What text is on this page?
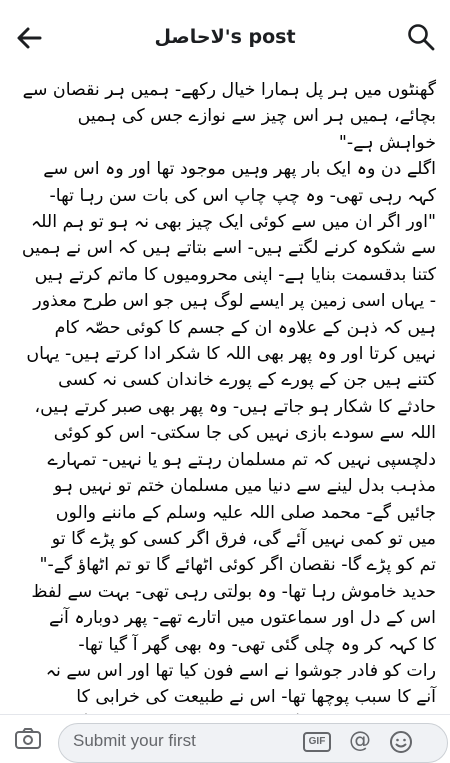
لاحاصل's post
گھنٹوں میں ہر پل ہمارا خیال رکھے- ہمیں ہر نقصان سے
بچائے، ہمیں ہر اس چیز سے نوازے جس کی ہمیں
خواہش ہے-"
اگلے دن وہ ایک بار پھر وہیں موجود تھا اور وہ اس سے
کہہ رہی تھی- وہ چپ چاپ اس کی بات سن رہا تھا-
"اور اگر ان میں سے کوئی ایک چیز بھی نہ ہو تو ہم اللہ
سے شکوہ کرنے لگتے ہیں- اسے بتاتے ہیں کہ اس نے ہمیں
کتنا بدقسمت بنایا ہے- اپنی محرومیوں کا ماتم کرتے ہیں
- یہاں اسی زمین پر ایسے لوگ ہیں جو اس طرح معذور
ہیں کہ ذہن کے علاوہ ان کے جسم کا کوئی حصّہ کام
نہیں کرتا اور وہ پھر بھی اللہ کا شکر ادا کرتے ہیں- یہاں
کتنے ہیں جن کے پورے کے پورے خاندان کسی نہ کسی
حادثے کا شکار ہو جاتے ہیں- وہ پھر بھی صبر کرتے ہیں،
اللہ سے سودے بازی نہیں کی جا سکتی- اس کو کوئی
دلچسپی نہیں کہ تم مسلمان رہتے ہو یا نہیں- تمہارے
مذہب بدل لینے سے دنیا میں مسلمان ختم تو نہیں ہو
جائیں گے- محمد صلی اللہ علیہ وسلم کے ماننے والوں
میں تو کمی نہیں آئے گی، فرق اگر کسی کو پڑے گا تو
تم کو پڑے گا- نقصان اگر کوئی اٹھائے گا تو تم اٹھاؤ گے-"
حدید خاموش رہا تھا- وہ بولتی رہی تھی- بہت سے لفظ
اس کے دل اور سماعتوں میں اتارے تھے- پھر دوبارہ آنے
کا کہہ کر وہ چلی گئی تھی- وہ بھی گھر آ گیا تھا-
رات کو فادر جوشوا نے اسے فون کیا تھا اور اس سے نہ
آنے کا سبب پوچھا تھا- اس نے طبیعت کی خرابی کا
Submit your first	GIF @
